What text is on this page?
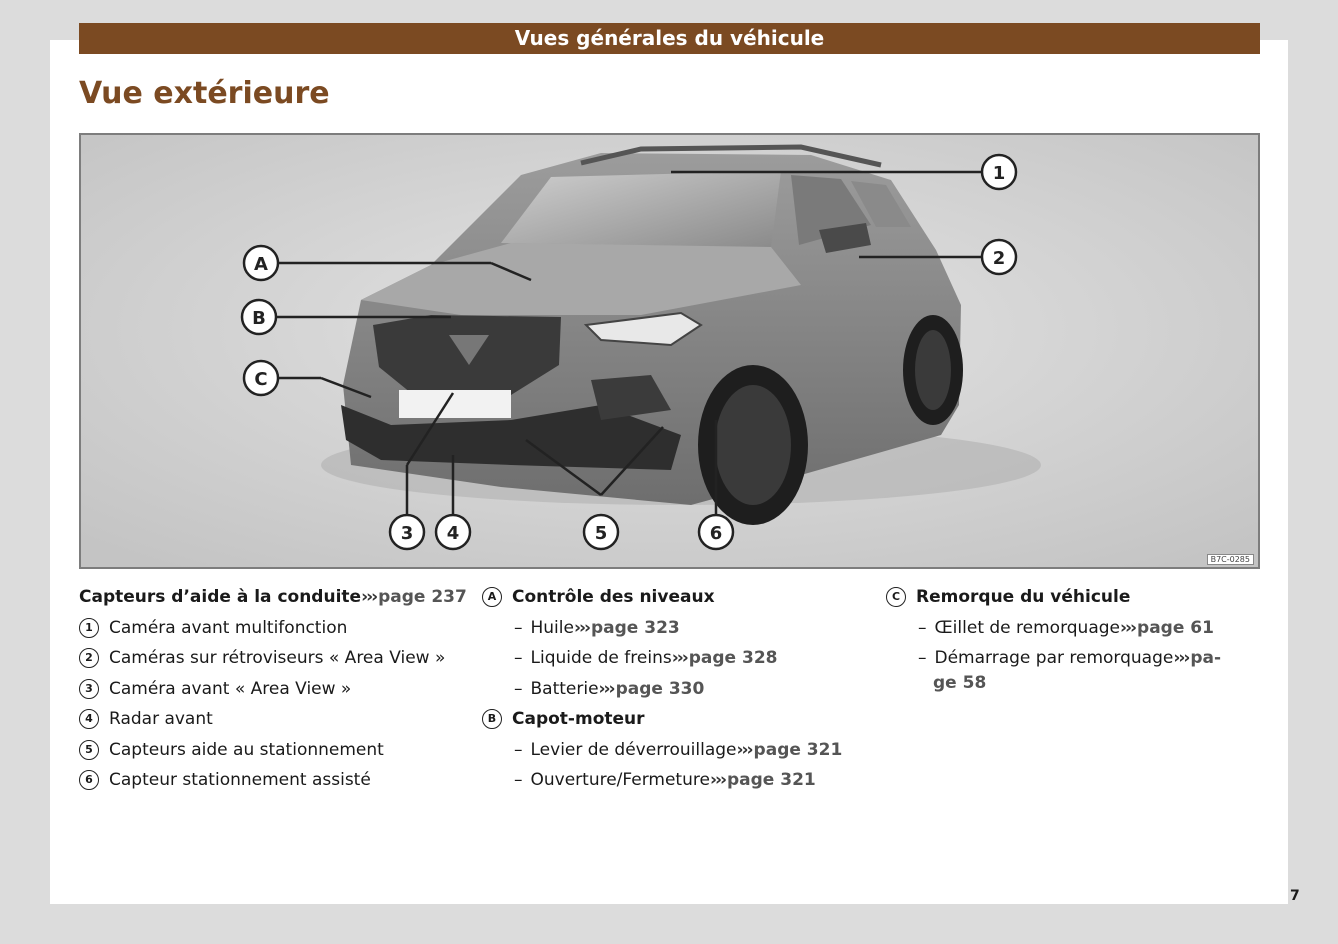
Vues générales du véhicule
Vue extérieure
1
2
A
B
C
3 4	5	6
B7C-0285
Capteurs d’aide à la conduite››› page 237
1 Caméra avant multifonction
2 Caméras sur rétroviseurs « Area View »
3 Caméra avant « Area View »
4 Radar avant
5 Capteurs aide au stationnement
6 Capteur stationnement assisté
A Contrôle des niveaux
– Huile››› page 323
– Liquide de freins››› page 328
– Batterie››› page 330
B Capot-moteur
– Levier de déverrouillage››› page 321
– Ouverture/Fermeture››› page 321
C Remorque du véhicule
– Œillet de remorquage››› page 61
– Démarrage par remorquage››› pa-
ge 58
7
